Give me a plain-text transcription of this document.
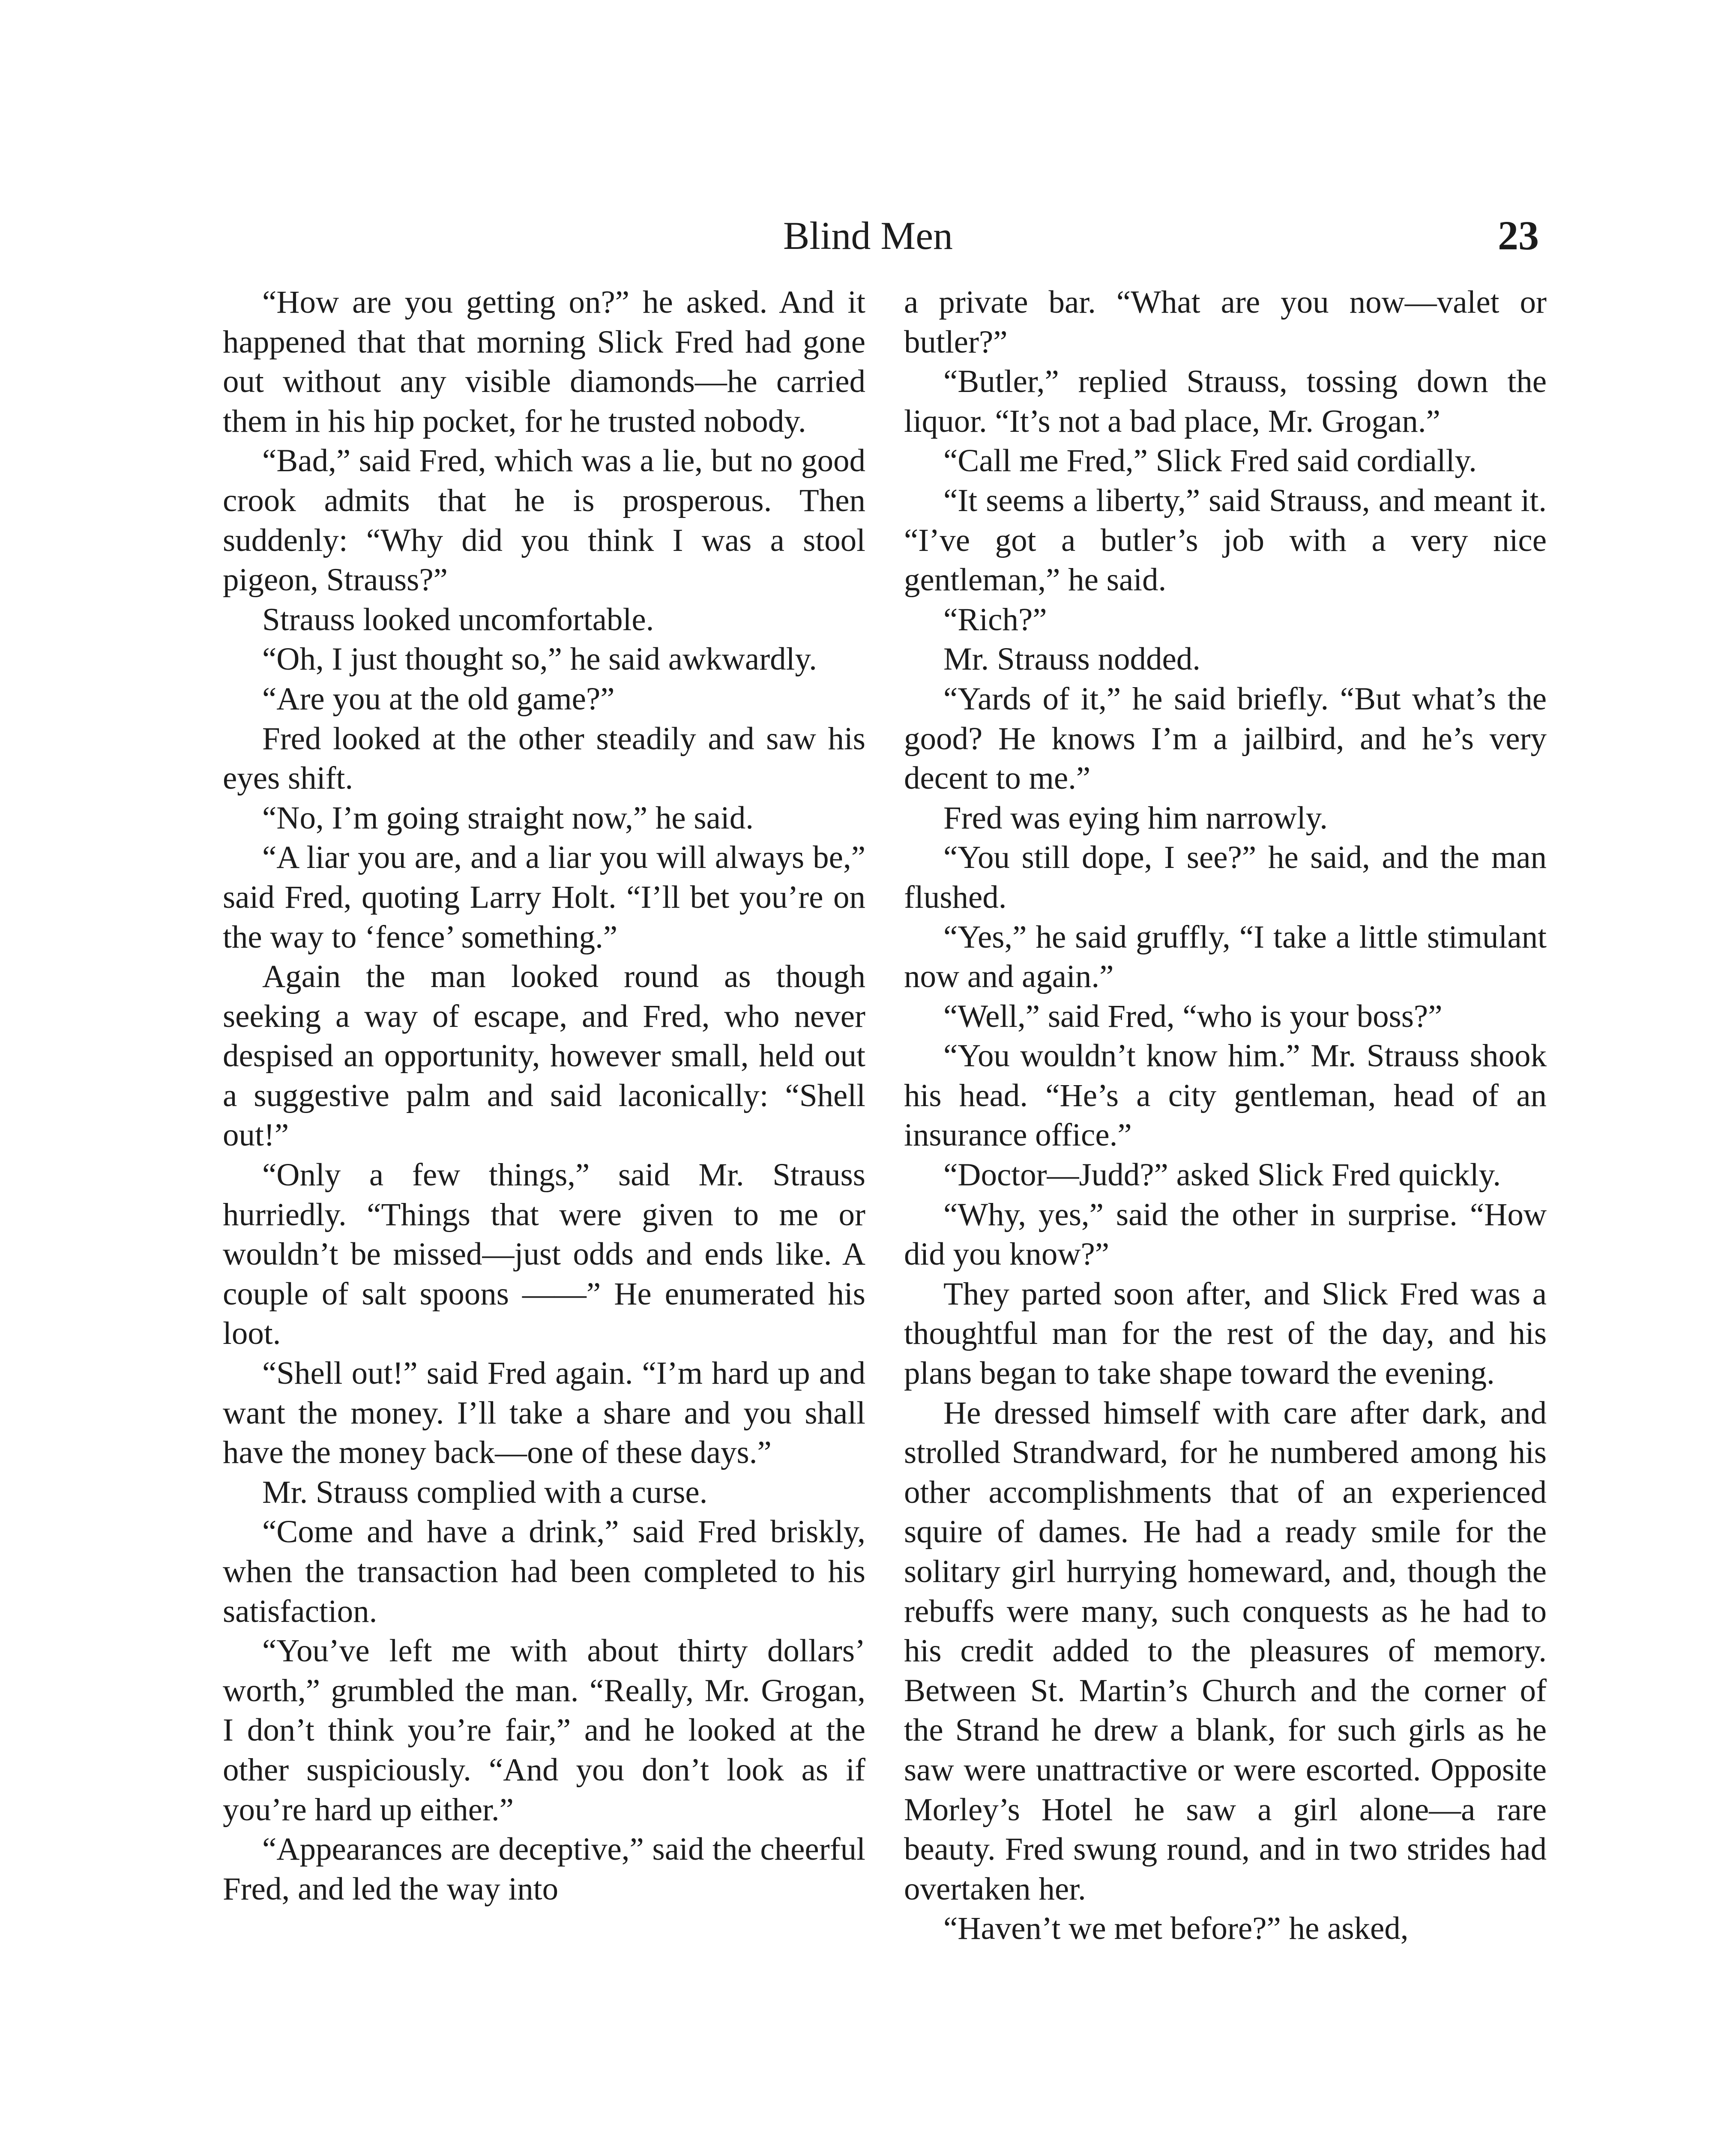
Blind Men	23

“How are you getting on?” he asked. And it happened that that morning Slick Fred had gone out without any visible diamonds—he carried them in his hip pocket, for he trusted nobody.

“Bad,” said Fred, which was a lie, but no good crook admits that he is prosperous. Then suddenly: “Why did you think I was a stool pigeon, Strauss?”

Strauss looked uncomfortable.

“Oh, I just thought so,” he said awkwardly.

“Are you at the old game?”

Fred looked at the other steadily and saw his eyes shift.

“No, I’m going straight now,” he said.

“A liar you are, and a liar you will always be,” said Fred, quoting Larry Holt. “I’ll bet you’re on the way to ‘fence’ something.”

Again the man looked round as though seeking a way of escape, and Fred, who never despised an opportunity, however small, held out a suggestive palm and said laconically: “Shell out!”

“Only a few things,” said Mr. Strauss hurriedly. “Things that were given to me or wouldn’t be missed—just odds and ends like. A couple of salt spoons ——” He enumerated his loot.

“Shell out!” said Fred again. “I’m hard up and want the money. I’ll take a share and you shall have the money back—one of these days.”

Mr. Strauss complied with a curse.

“Come and have a drink,” said Fred briskly, when the transaction had been completed to his satisfaction.

“You’ve left me with about thirty dollars’ worth,” grumbled the man. “Really, Mr. Grogan, I don’t think you’re fair,” and he looked at the other suspiciously. “And you don’t look as if you’re hard up either.”

“Appearances are deceptive,” said the cheerful Fred, and led the way into

a private bar. “What are you now—valet or butler?”

“Butler,” replied Strauss, tossing down the liquor. “It’s not a bad place, Mr. Grogan.”

“Call me Fred,” Slick Fred said cordially.

“It seems a liberty,” said Strauss, and meant it. “I’ve got a butler’s job with a very nice gentleman,” he said.

“Rich?”

Mr. Strauss nodded.

“Yards of it,” he said briefly. “But what’s the good? He knows I’m a jailbird, and he’s very decent to me.”

Fred was eying him narrowly.

“You still dope, I see?” he said, and the man flushed.

“Yes,” he said gruffly, “I take a little stimulant now and again.”

“Well,” said Fred, “who is your boss?”

“You wouldn’t know him.” Mr. Strauss shook his head. “He’s a city gentleman, head of an insurance office.”

“Doctor—Judd?” asked Slick Fred quickly.

“Why, yes,” said the other in surprise. “How did you know?”

They parted soon after, and Slick Fred was a thoughtful man for the rest of the day, and his plans began to take shape toward the evening.

He dressed himself with care after dark, and strolled Strandward, for he numbered among his other accomplishments that of an experienced squire of dames. He had a ready smile for the solitary girl hurrying homeward, and, though the rebuffs were many, such conquests as he had to his credit added to the pleasures of memory. Between St. Martin’s Church and the corner of the Strand he drew a blank, for such girls as he saw were unattractive or were escorted. Opposite Morley’s Hotel he saw a girl alone—a rare beauty. Fred swung round, and in two strides had overtaken her.

“Haven’t we met before?” he asked,
